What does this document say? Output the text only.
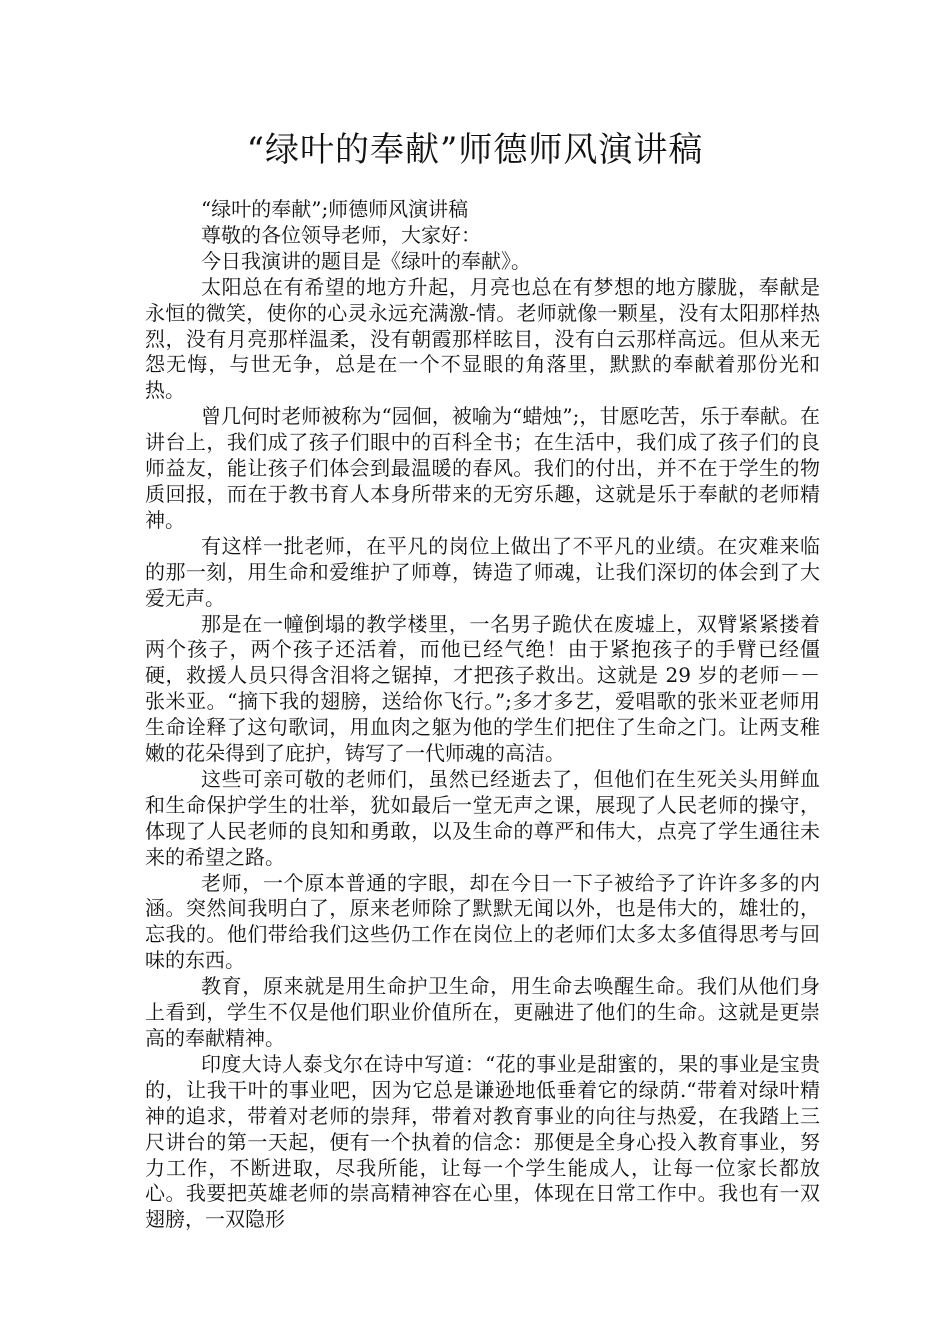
“绿叶的奉献”师德师风演讲稿

“绿叶的奉献”;师德师风演讲稿

尊敬的各位领导老师，大家好：

今日我演讲的题目是《绿叶的奉献》。

太阳总在有希望的地方升起，月亮也总在有梦想的地方朦胧，奉献是永恒的微笑，使你的心灵永远充满激-情。老师就像一颗星，没有太阳那样热烈，没有月亮那样温柔，没有朝霞那样眩目，没有白云那样高远。但从来无怨无悔，与世无争，总是在一个不显眼的角落里，默默的奉献着那份光和热。

曾几何时老师被称为“园佪，被喻为“蜡烛”;，甘愿吃苦，乐于奉献。在讲台上，我们成了孩子们眼中的百科全书；在生活中，我们成了孩子们的良师益友，能让孩子们体会到最温暖的春风。我们的付出，并不在于学生的物质回报，而在于教书育人本身所带来的无穷乐趣，这就是乐于奉献的老师精神。

有这样一批老师，在平凡的岗位上做出了不平凡的业绩。在灾难来临的那一刻，用生命和爱维护了师尊，铸造了师魂，让我们深切的体会到了大爱无声。

那是在一幢倒塌的教学楼里，一名男子跪伏在废墟上，双臂紧紧搂着两个孩子，两个孩子还活着，而他已经气绝！由于紧抱孩子的手臂已经僵硬，救援人员只得含泪将之锯掉，才把孩子救出。这就是 29 岁的老师－－张米亚。“摘下我的翅膀，送给你飞行。”;多才多艺，爱唱歌的张米亚老师用生命诠释了这句歌词，用血肉之躯为他的学生们把住了生命之门。让两支稚嫩的花朵得到了庇护，铸写了一代师魂的高洁。

这些可亲可敬的老师们，虽然已经逝去了，但他们在生死关头用鲜血和生命保护学生的壮举，犹如最后一堂无声之课，展现了人民老师的操守，体现了人民老师的良知和勇敢，以及生命的尊严和伟大，点亮了学生通往未来的希望之路。

老师，一个原本普通的字眼，却在今日一下子被给予了许许多多的内涵。突然间我明白了，原来老师除了默默无闻以外，也是伟大的，雄壮的，忘我的。他们带给我们这些仍工作在岗位上的老师们太多太多值得思考与回味的东西。

教育，原来就是用生命护卫生命，用生命去唤醒生命。我们从他们身上看到，学生不仅是他们职业价值所在，更融进了他们的生命。这就是更崇高的奉献精神。

印度大诗人泰戈尔在诗中写道：“花的事业是甜蜜的，果的事业是宝贵的，让我干叶的事业吧，因为它总是谦逊地低垂着它的绿荫.“带着对绿叶精神的追求，带着对老师的崇拜，带着对教育事业的向往与热爱，在我踏上三尺讲台的第一天起，便有一个执着的信念：那便是全身心投入教育事业，努力工作，不断进取，尽我所能，让每一个学生能成人，让每一位家长都放心。我要把英雄老师的崇高精神容在心里，体现在日常工作中。我也有一双翅膀，一双隐形
